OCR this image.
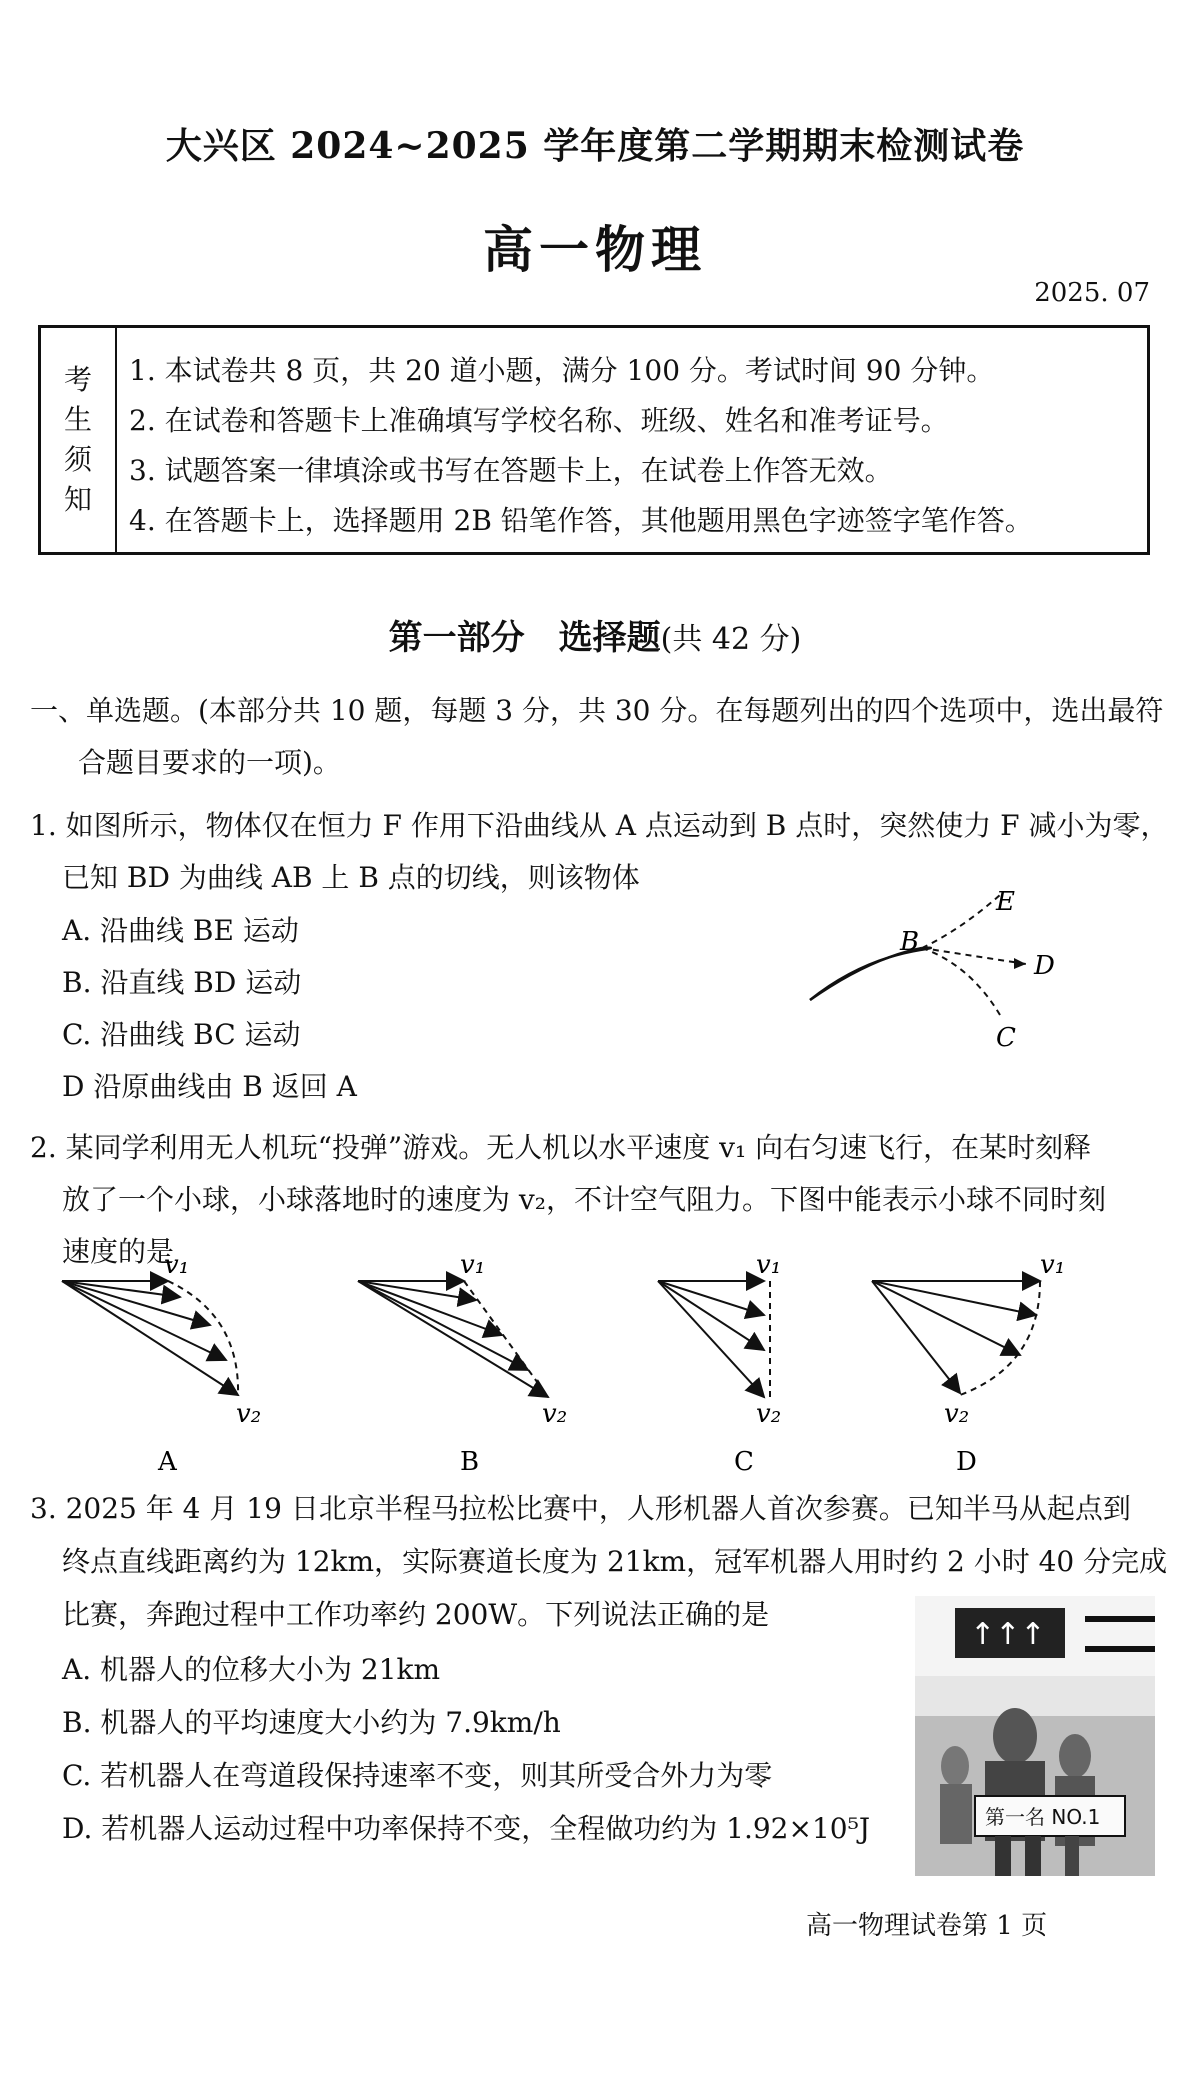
大兴区 2024~2025 学年度第二学期期末检测试卷
高一物理
2025. 07
考
生
须
知
1. 本试卷共 8 页，共 20 道小题，满分 100 分。考试时间 90 分钟。
2. 在试卷和答题卡上准确填写学校名称、班级、姓名和准考证号。
3. 试题答案一律填涂或书写在答题卡上，在试卷上作答无效。
4. 在答题卡上，选择题用 2B 铅笔作答，其他题用黑色字迹签字笔作答。
第一部分　选择题(共 42 分)
一、单选题。(本部分共 10 题，每题 3 分，共 30 分。在每题列出的四个选项中，选出最符
合题目要求的一项)。
1. 如图所示，物体仅在恒力 F 作用下沿曲线从 A 点运动到 B 点时，突然使力 F 减小为零，
已知 BD 为曲线 AB 上 B 点的切线，则该物体
A. 沿曲线 BE 运动
B. 沿直线 BD 运动
C. 沿曲线 BC 运动
D 沿原曲线由 B 返回 A
B
C
D
E
2. 某同学利用无人机玩“投弹”游戏。无人机以水平速度 v₁ 向右匀速飞行，在某时刻释
放了一个小球，小球落地时的速度为 v₂，不计空气阻力。下图中能表示小球不同时刻
速度的是
v₁
v₂
A
v₁
v₂
B
v₁
v₂
C
v₁
v₂
D
3. 2025 年 4 月 19 日北京半程马拉松比赛中，人形机器人首次参赛。已知半马从起点到
终点直线距离约为 12km，实际赛道长度为 21km，冠军机器人用时约 2 小时 40 分完成
比赛，奔跑过程中工作功率约 200W。下列说法正确的是
A. 机器人的位移大小为 21km
B. 机器人的平均速度大小约为 7.9km/h
C. 若机器人在弯道段保持速率不变，则其所受合外力为零
D. 若机器人运动过程中功率保持不变，全程做功约为 1.92×10⁵J
↑↑↑
第一名 NO.1
高一物理试卷第 1 页
